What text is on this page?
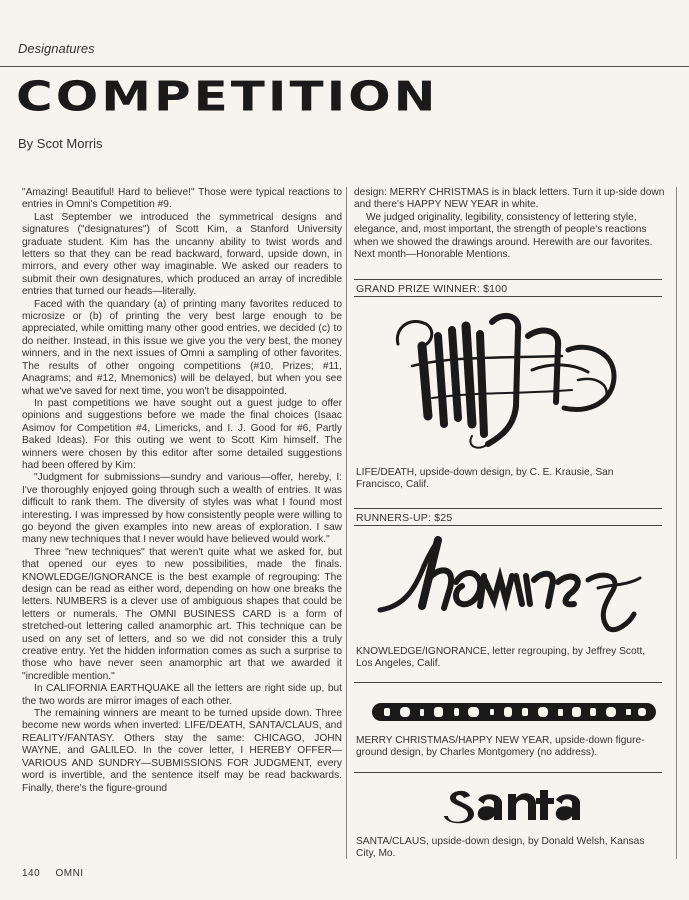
Designatures
COMPETITION
By Scot Morris

"Amazing! Beautiful! Hard to believe!" Those were typical reactions to entries in Omni's Competition #9.

Last September we introduced the symmetrical designs and signatures ("designatures") of Scott Kim, a Stanford University graduate student. Kim has the uncanny ability to twist words and letters so that they can be read backward, forward, upside down, in mirrors, and every other way imaginable. We asked our readers to submit their own designatures, which produced an array of incredible entries that turned our heads—literally.

Faced with the quandary (a) of printing many favorites reduced to microsize or (b) of printing the very best large enough to be appreciated, while omitting many other good entries, we decided (c) to do neither. Instead, in this issue we give you the very best, the money winners, and in the next issues of Omni a sampling of other favorites. The results of other ongoing competitions (#10, Prizes; #11, Anagrams; and #12, Mnemonics) will be delayed, but when you see what we've saved for next time, you won't be disappointed.

In past competitions we have sought out a guest judge to offer opinions and suggestions before we made the final choices (Isaac Asimov for Competition #4, Limericks, and I. J. Good for #6, Partly Baked Ideas). For this outing we went to Scott Kim himself. The winners were chosen by this editor after some detailed suggestions had been offered by Kim:

"Judgment for submissions—sundry and various—offer, hereby, I: I've thoroughly enjoyed going through such a wealth of entries. It was difficult to rank them. The diversity of styles was what I found most interesting. I was impressed by how consistently people were willing to go beyond the given examples into new areas of exploration. I saw many new techniques that I never would have believed would work."

Three "new techniques" that weren't quite what we asked for, but that opened our eyes to new possibilities, made the finals. KNOWLEDGE/IGNORANCE is the best example of regrouping: The design can be read as either word, depending on how one breaks the letters. NUMBERS is a clever use of ambiguous shapes that could be letters or numerals. The OMNI BUSINESS CARD is a form of stretched-out lettering called anamorphic art. This technique can be used on any set of letters, and so we did not consider this a truly creative entry. Yet the hidden information comes as such a surprise to those who have never seen anamorphic art that we awarded it "incredible mention."

In CALIFORNIA EARTHQUAKE all the letters are right side up, but the two words are mirror images of each other.

The remaining winners are meant to be turned upside down. Three become new words when inverted: LIFE/DEATH, SANTA/CLAUS, and REALITY/FANTASY. Others stay the same: CHICAGO, JOHN WAYNE, and GALILEO. In the cover letter, I HEREBY OFFER—VARIOUS AND SUNDRY—SUBMISSIONS FOR JUDGMENT, every word is invertible, and the sentence itself may be read backwards. Finally, there's the figure-ground

design: MERRY CHRISTMAS is in black letters. Turn it up-side down and there's HAPPY NEW YEAR in white.

We judged originality, legibility, consistency of lettering style, elegance, and, most important, the strength of people's reactions when we showed the drawings around. Herewith are our favorites. Next month—Honorable Mentions.

GRAND PRIZE WINNER: $100
LIFE/DEATH, upside-down design, by C. E. Krausie, San Francisco, Calif.
RUNNERS-UP: $25
KNOWLEDGE/IGNORANCE, letter regrouping, by Jeffrey Scott, Los Angeles, Calif.
MERRY CHRISTMAS/HAPPY NEW YEAR, upside-down figure-ground design, by Charles Montgomery (no address).
SANTA/CLAUS, upside-down design, by Donald Welsh, Kansas City, Mo.
140 OMNI
